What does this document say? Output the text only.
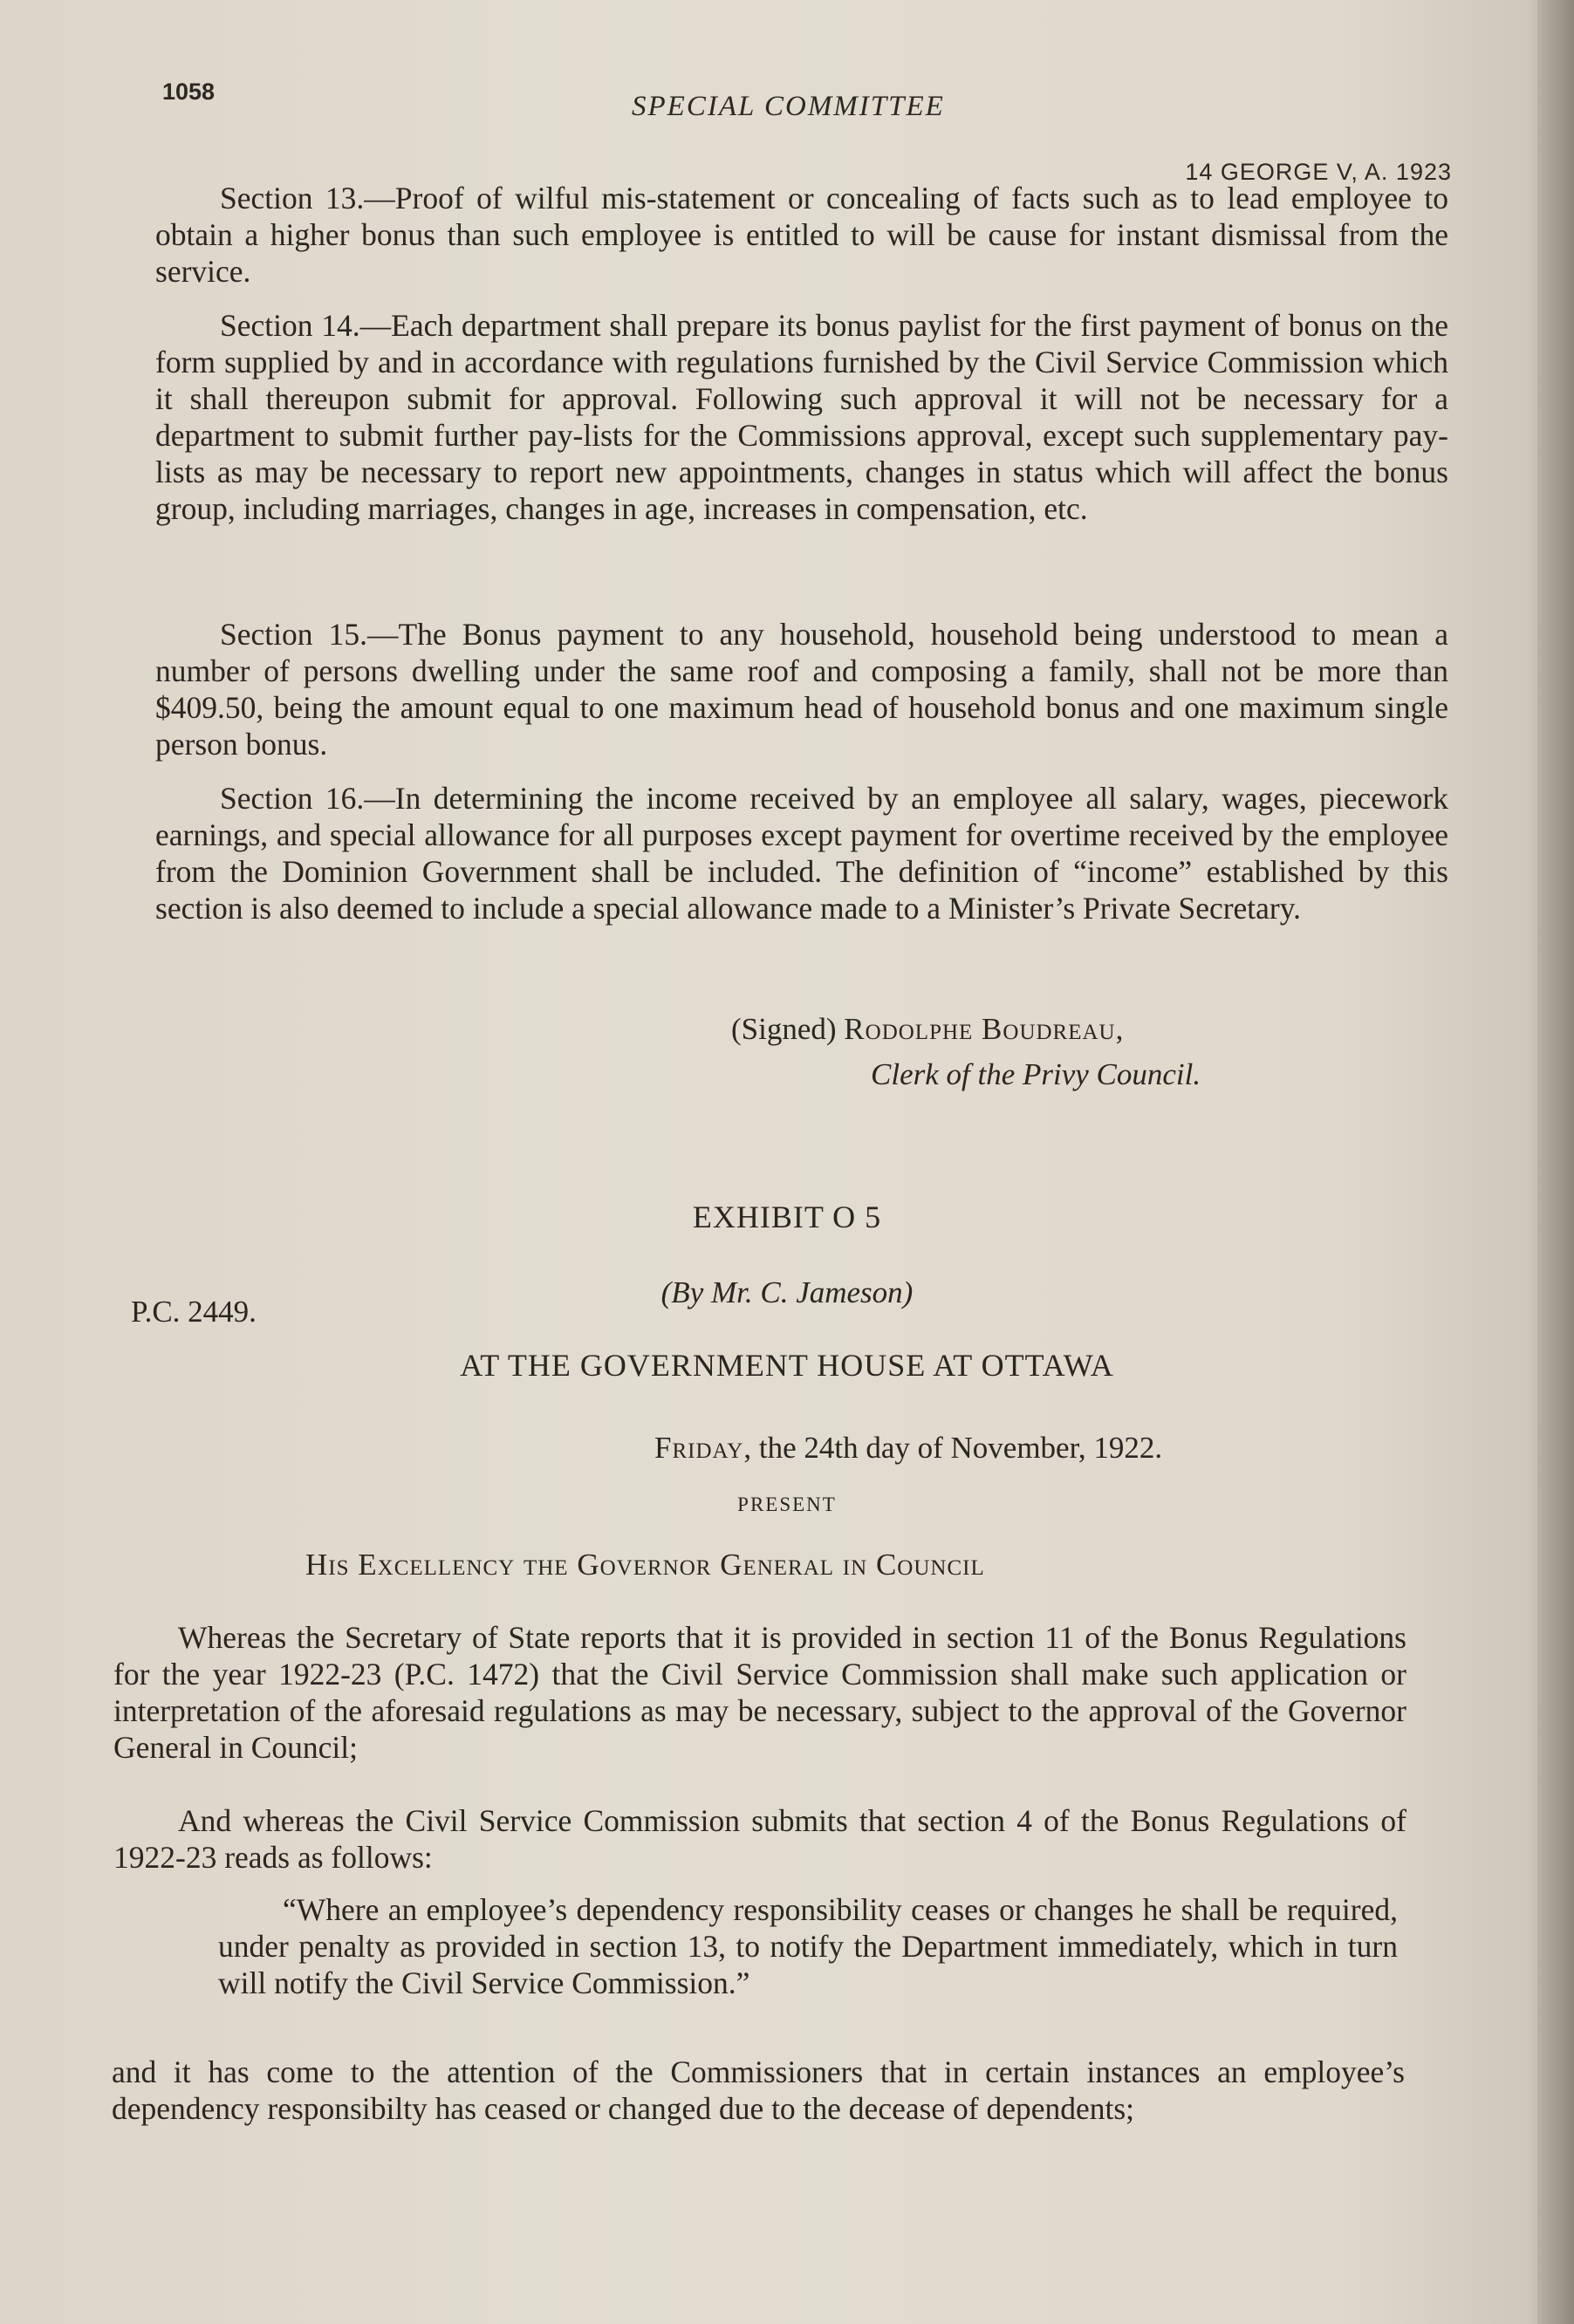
1058	SPECIAL COMMITTEE
14 GEORGE V, A. 1923

Section 13.—Proof of wilful mis-statement or concealing of facts such as to lead employee to obtain a higher bonus than such employee is entitled to will be cause for instant dismissal from the service.

Section 14.—Each department shall prepare its bonus paylist for the first payment of bonus on the form supplied by and in accordance with regulations furnished by the Civil Service Commission which it shall thereupon submit for approval. Following such approval it will not be necessary for a department to submit further pay-lists for the Commissions approval, except such supplementary pay-lists as may be necessary to report new appointments, changes in status which will affect the bonus group, including marriages, changes in age, increases in compensation, etc.

Section 15.—The Bonus payment to any household, household being understood to mean a number of persons dwelling under the same roof and composing a family, shall not be more than $409.50, being the amount equal to one maximum head of household bonus and one maximum single person bonus.

Section 16.—In determining the income received by an employee all salary, wages, piecework earnings, and special allowance for all purposes except payment for overtime received by the employee from the Dominion Government shall be included. The definition of “income” established by this section is also deemed to include a special allowance made to a Minister’s Private Secretary.

(Signed) Rodolphe Boudreau,
Clerk of the Privy Council.
EXHIBIT O 5
(By Mr. C. Jameson)
P.C. 2449.
AT THE GOVERNMENT HOUSE AT OTTAWA
Friday, the 24th day of November, 1922.
PRESENT
His Excellency the Governor General in Council

Whereas the Secretary of State reports that it is provided in section 11 of the Bonus Regulations for the year 1922-23 (P.C. 1472) that the Civil Service Commission shall make such application or interpretation of the aforesaid regulations as may be necessary, subject to the approval of the Governor General in Council;

And whereas the Civil Service Commission submits that section 4 of the Bonus Regulations of 1922-23 reads as follows:

“Where an employee’s dependency responsibility ceases or changes he shall be required, under penalty as provided in section 13, to notify the Department immediately, which in turn will notify the Civil Service Commission.”

and it has come to the attention of the Commissioners that in certain instances an employee’s dependency responsibilty has ceased or changed due to the decease of dependents;
